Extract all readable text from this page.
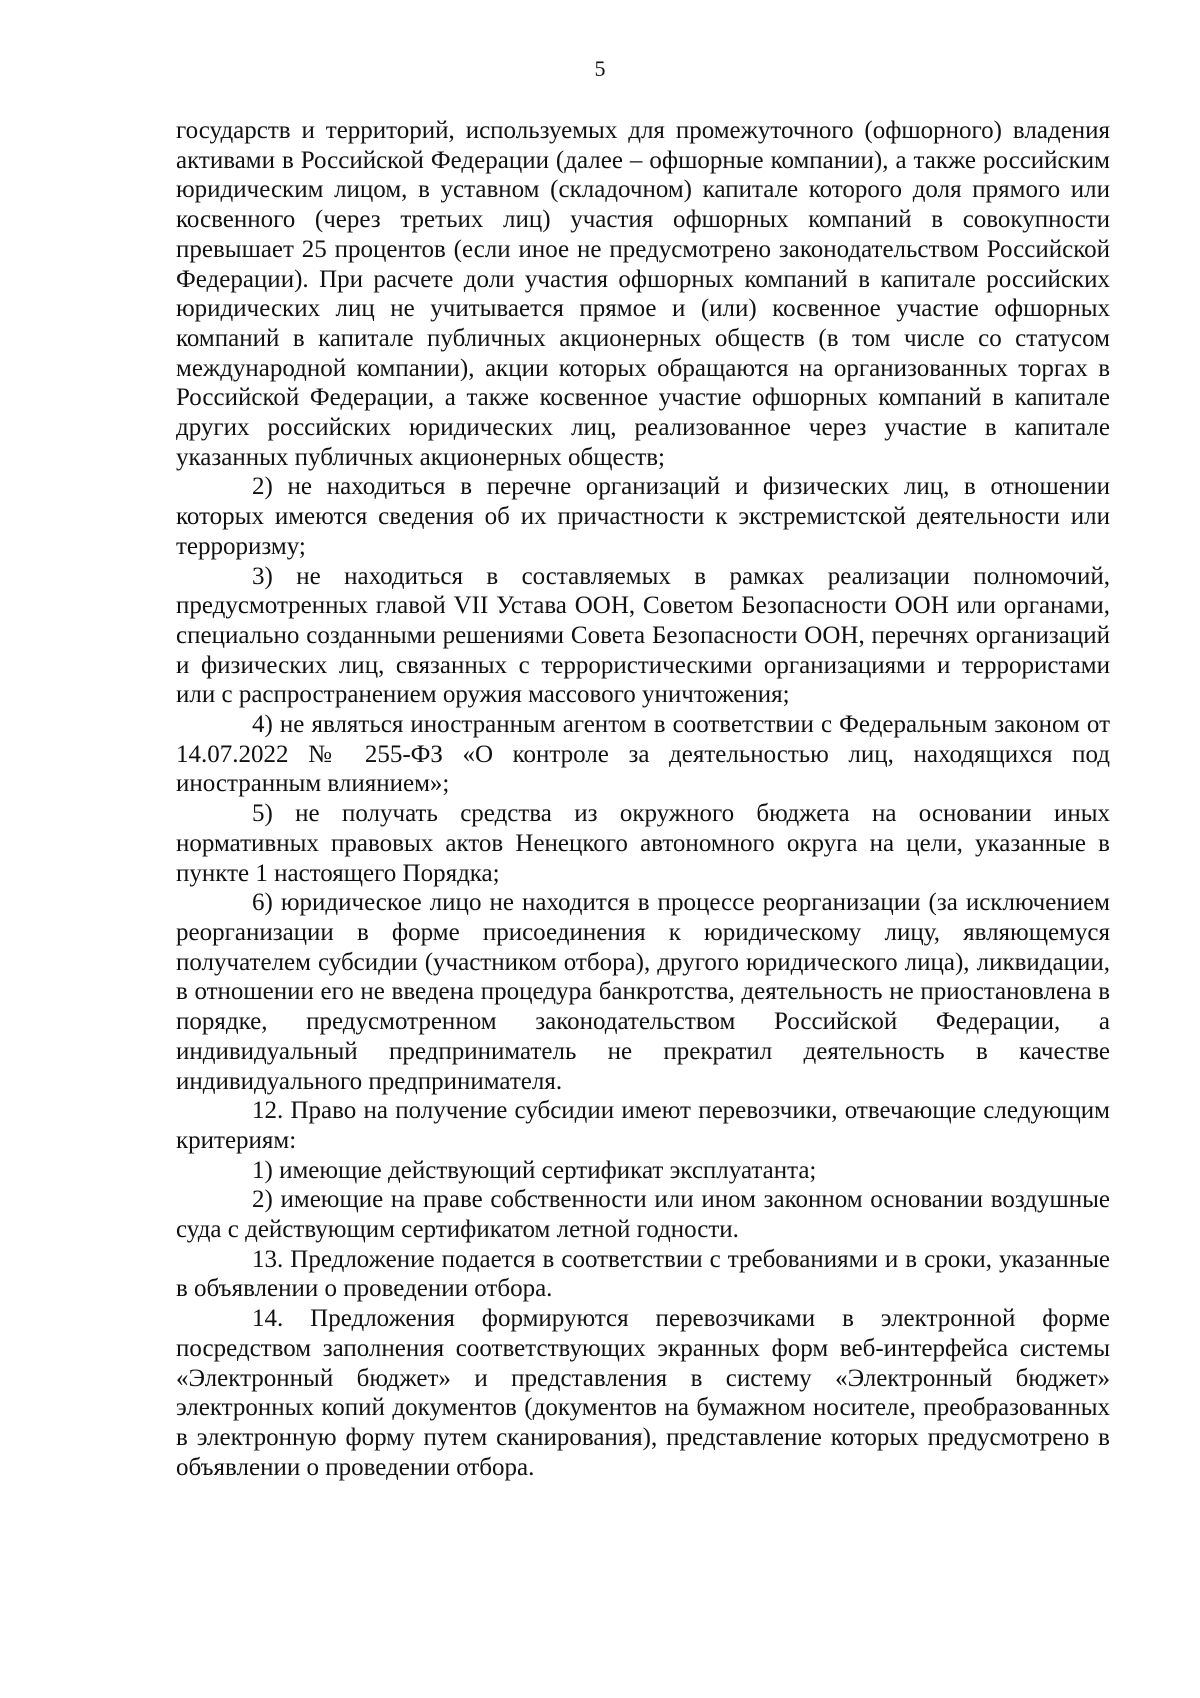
5

государств и территорий, используемых для промежуточного (офшорного) владения активами в Российской Федерации (далее – офшорные компании), а также российским юридическим лицом, в уставном (складочном) капитале которого доля прямого или косвенного (через третьих лиц) участия офшорных компаний в совокупности превышает 25 процентов (если иное не предусмотрено законодательством Российской Федерации). При расчете доли участия офшорных компаний в капитале российских юридических лиц не учитывается прямое и (или) косвенное участие офшорных компаний в капитале публичных акционерных обществ (в том числе со статусом международной компании), акции которых обращаются на организованных торгах в Российской Федерации, а также косвенное участие офшорных компаний в капитале других российских юридических лиц, реализованное через участие в капитале указанных публичных акционерных обществ;

2) не находиться в перечне организаций и физических лиц, в отношении которых имеются сведения об их причастности к экстремистской деятельности или терроризму;

3) не находиться в составляемых в рамках реализации полномочий, предусмотренных главой VII Устава ООН, Советом Безопасности ООН или органами, специально созданными решениями Совета Безопасности ООН, перечнях организаций и физических лиц, связанных с террористическими организациями и террористами или с распространением оружия массового уничтожения;

4) не являться иностранным агентом в соответствии с Федеральным законом от 14.07.2022 № 255-ФЗ «О контроле за деятельностью лиц, находящихся под иностранным влиянием»;

5) не получать средства из окружного бюджета на основании иных нормативных правовых актов Ненецкого автономного округа на цели, указанные в пункте 1 настоящего Порядка;

6) юридическое лицо не находится в процессе реорганизации (за исключением реорганизации в форме присоединения к юридическому лицу, являющемуся получателем субсидии (участником отбора), другого юридического лица), ликвидации, в отношении его не введена процедура банкротства, деятельность не приостановлена в порядке, предусмотренном законодательством Российской Федерации, а индивидуальный предприниматель не прекратил деятельность в качестве индивидуального предпринимателя.

12. Право на получение субсидии имеют перевозчики, отвечающие следующим критериям:

1) имеющие действующий сертификат эксплуатанта;

2) имеющие на праве собственности или ином законном основании воздушные суда с действующим сертификатом летной годности.

13. Предложение подается в соответствии с требованиями и в сроки, указанные в объявлении о проведении отбора.

14. Предложения формируются перевозчиками в электронной форме посредством заполнения соответствующих экранных форм веб-интерфейса системы «Электронный бюджет» и представления в систему «Электронный бюджет» электронных копий документов (документов на бумажном носителе, преобразованных в электронную форму путем сканирования), представление которых предусмотрено в объявлении о проведении отбора.
